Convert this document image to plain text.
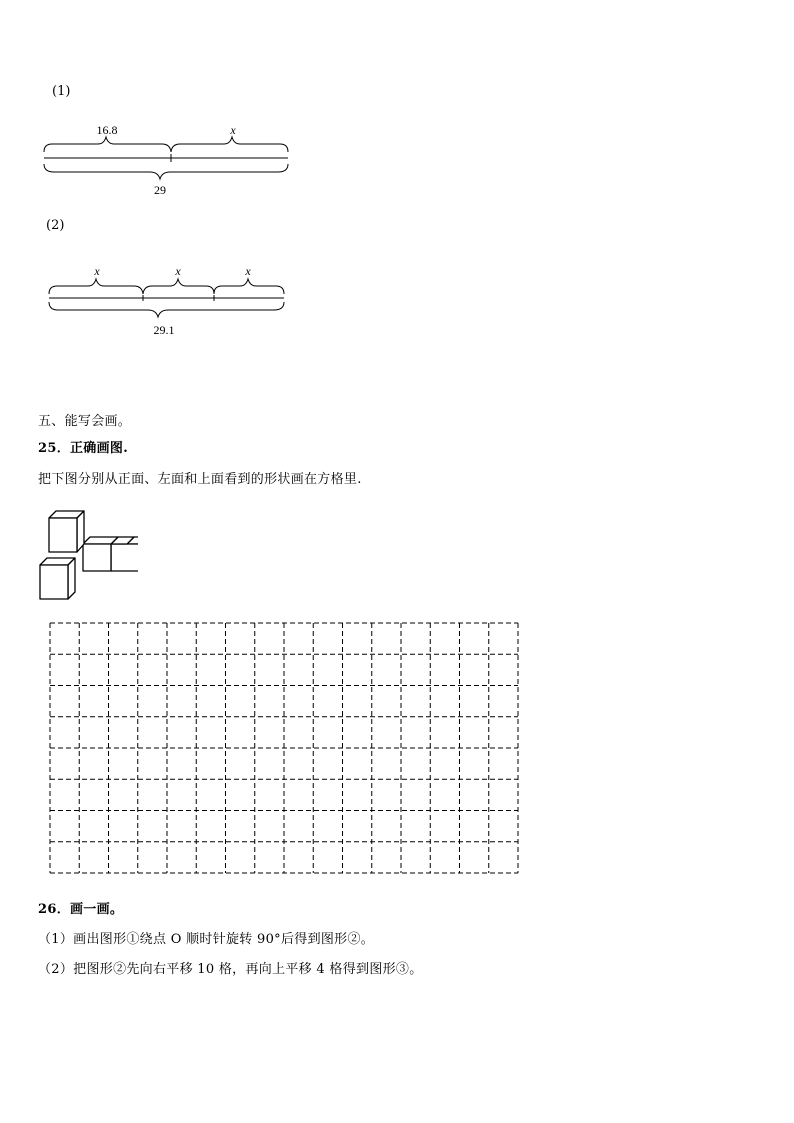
(1)
16.8	x
29
(2)
x	x	x
29.1
五、能写会画。
25．正确画图.
把下图分别从正面、左面和上面看到的形状画在方格里.
26．画一画。
（1）画出图形①绕点 O 顺时针旋转 90°后得到图形②。
（2）把图形②先向右平移 10 格，再向上平移 4 格得到图形③。
